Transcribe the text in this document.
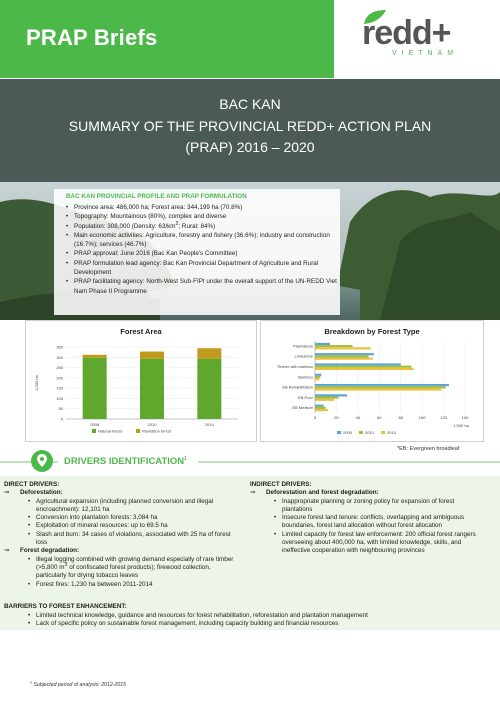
PRAP Briefs	redd+
VIETNAM
BAC KAN
SUMMARY OF THE PROVINCIAL REDD+ ACTION PLAN
(PRAP) 2016 – 2020
BAC KAN PROVINCIAL PROFILE AND PRAP FORMULATION
• Province area: 486,000 ha; Forest area: 344,199 ha (70.8%)
• Topography: Mountainous (80%), complex and diverse
• Population: 308,000 (Density: $63/km^2$; Rural: 84%)
• Main economic activities: Agriculture, forestry and fishery (36.6%); industry and construction (16.7%); services (46.7%)
• PRAP approval: June 2016 (Bac Kan People's Committee)
• PRAP formulation lead agency: Bac Kan Provincial Department of Agriculture and Rural Development
• PRAP facilitating agency: North-West Sub-FIPI under the overall support of the UN-REDD Viet Nam Phase II Programme
Forest Area
0
50
100
150
200
250
300
350
1,000 ha
2005	2010	2014
Natural forest	Plantation forest
Breakdown by Forest Type
0	20	40	60	80	100	120	140
1,000 ha
Plantations
Limestone
Timber with bamboo
Bamboo
EB Rehabilitation
EB Poor
EB Medium
2005	2010	2014
*EB: Evergreen broadleaf
DRIVERS IDENTIFICATION$^1$
DIRECT DRIVERS:
⇒ Deforestation:
• Agricultural expansion (including planned conversion and illegal encroachment): 12,101 ha
• Conversion into plantation forests: 3,084 ha
• Exploitation of mineral resources: up to 69.5 ha
• Slash and burn: 34 cases of violations, associated with 25 ha of forest loss
⇒ Forest degradation:
• Illegal logging combined with growing demand especially of rare timber (>5,800 $m^3$ of confiscated forest products); firewood collection, particularly for drying tobacco leaves
• Forest fires: 1,230 ha between 2011-2014
INDIRECT DRIVERS:
⇒ Deforestation and forest degradation:
• Inappropriate planning or zoning policy for expansion of forest plantations
• Insecure forest land tenure: conflicts, overlapping and ambiguous boundaries, forest land allocation without forest allocation
• Limited capacity for forest law enforcement: 200 official forest rangers overseeing about 400,000 ha, with limited knowledge, skills, and ineffective cooperation with neighbouring provinces
BARRIERS TO FOREST ENHANCEMENT:
• Limited technical knowledge, guidance and resources for forest rehabilitation, reforestation and plantation management
• Lack of specific policy on sustainable forest management, including capacity building and financial resources
$^1$ Subjected period of analysis: 2012-2015
